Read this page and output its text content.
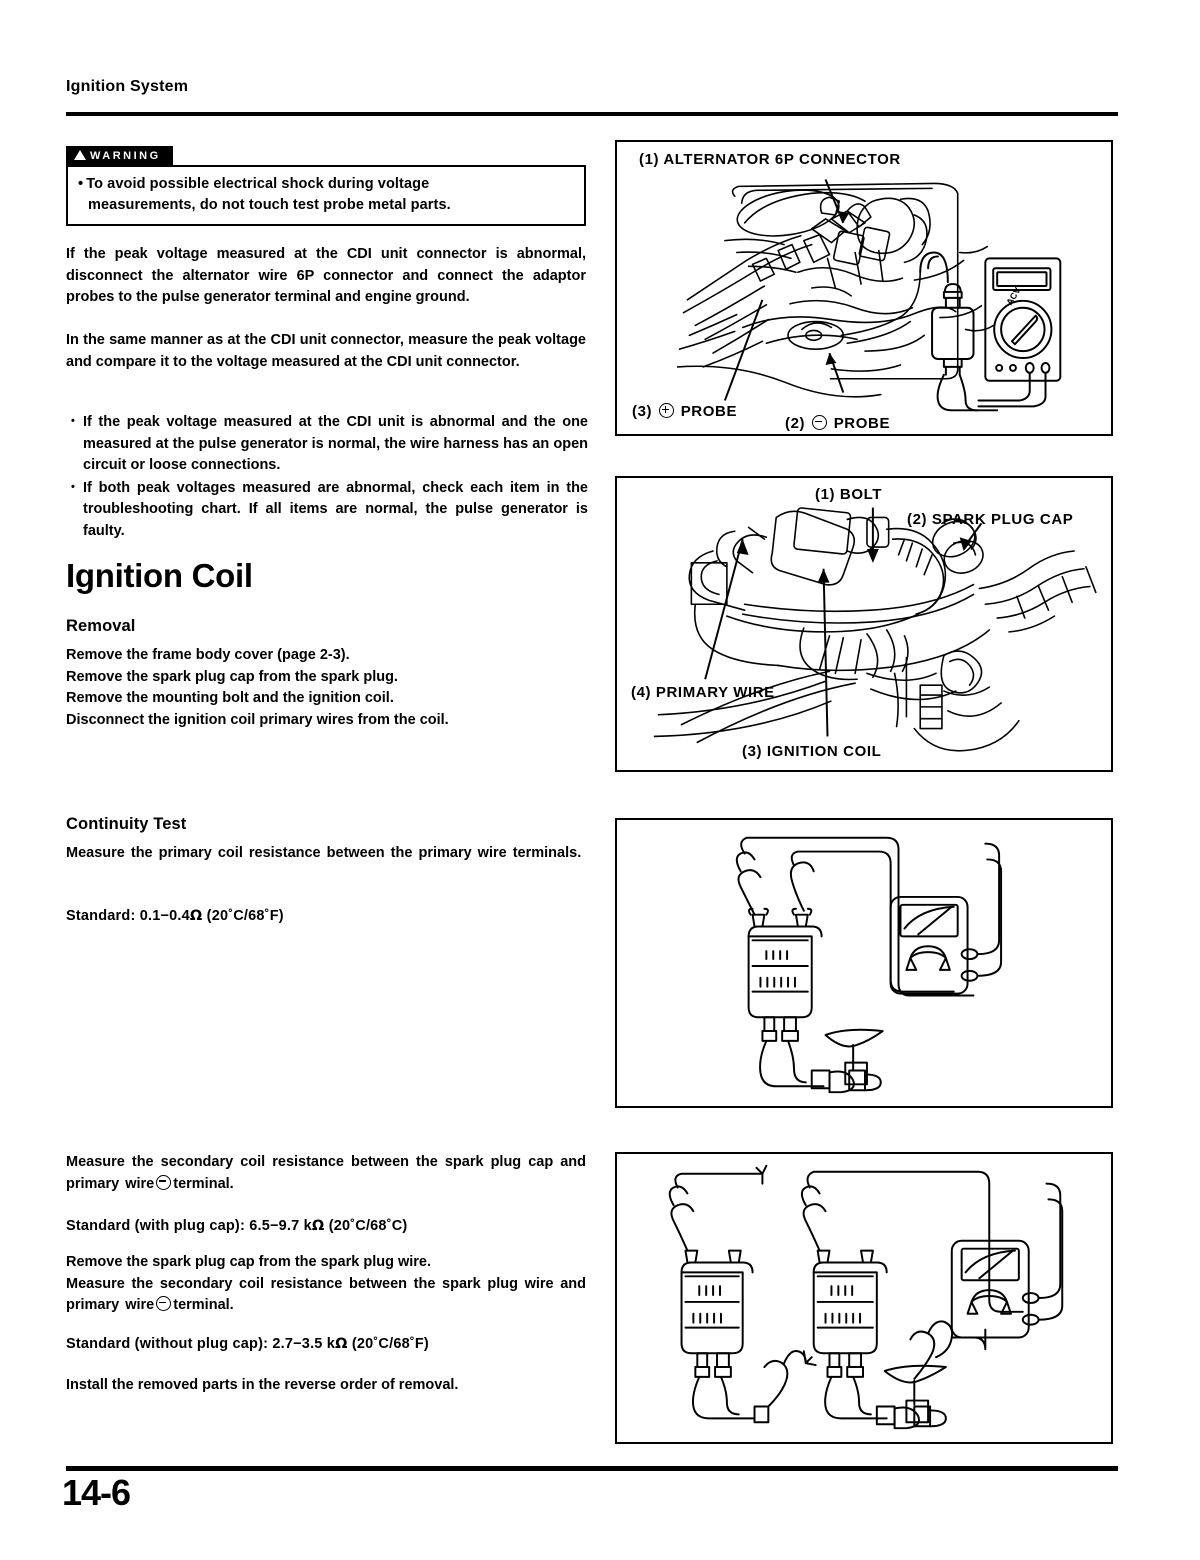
Ignition System
WARNING
• To avoid possible electrical shock during voltage
measurements, do not touch test probe metal parts.

If the peak voltage measured at the CDI unit connector is abnormal, disconnect the alternator wire 6P connector and connect the adaptor probes to the pulse generator terminal and engine ground.

In the same manner as at the CDI unit connector, measure the peak voltage and compare it to the voltage measured at the CDI unit connector.

• If the peak voltage measured at the CDI unit is abnormal and the one measured at the pulse generator is normal, the wire harness has an open circuit or loose connections.
• If both peak voltages measured are abnormal, check each item in the troubleshooting chart. If all items are normal, the pulse generator is faulty.
Ignition Coil
Removal
Remove the frame body cover (page 2-3).
Remove the spark plug cap from the spark plug.
Remove the mounting bolt and the ignition coil.
Disconnect the ignition coil primary wires from the coil.
Continuity Test

Measure the primary coil resistance between the primary wire terminals.

Standard: 0.1−0.4Ω (20˚C/68˚F)

Measure the secondary coil resistance between the spark plug cap and primary wire terminal.

Standard (with plug cap): 6.5−9.7 kΩ (20˚C/68˚C)

Remove the spark plug cap from the spark plug wire.

Measure the secondary coil resistance between the spark plug wire and primary wire terminal.

Standard (without plug cap): 2.7−3.5 kΩ (20˚C/68˚F)

Install the removed parts in the reverse order of removal.

ACV
(1) ALTERNATOR 6P CONNECTOR
(3) PROBE
(2) PROBE
(1) BOLT
(2) SPARK PLUG CAP
(4) PRIMARY WIRE
(3) IGNITION COIL
14-6
